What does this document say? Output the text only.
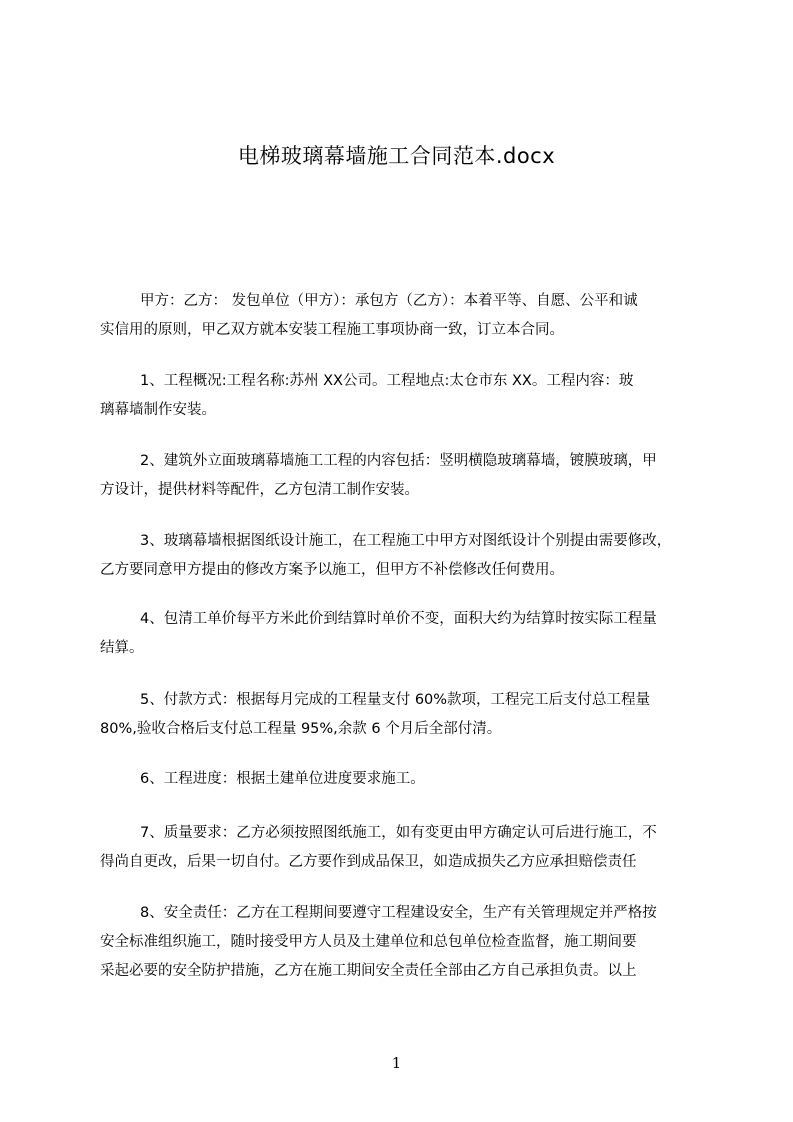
电梯玻璃幕墙施工合同范本.docx
甲方：乙方： 发包单位（甲方）：承包方（乙方）：本着平等、自愿、公平和诚
实信用的原则，甲乙双方就本安装工程施工事项协商一致，订立本合同。
1、工程概况:工程名称:苏州 XX公司。工程地点:太仓市东 XX。工程内容：玻
璃幕墙制作安装。
2、建筑外立面玻璃幕墙施工工程的内容包括：竖明横隐玻璃幕墙，镀膜玻璃，甲
方设计，提供材料等配件，乙方包清工制作安装。
3、玻璃幕墙根据图纸设计施工，在工程施工中甲方对图纸设计个别提由需要修改，
乙方要同意甲方提由的修改方案予以施工，但甲方不补偿修改任何费用。
4、包清工单价每平方米此价到结算时单价不变，面积大约为结算时按实际工程量
结算。
5、付款方式：根据每月完成的工程量支付 60%款项，工程完工后支付总工程量
80%,验收合格后支付总工程量 95%,余款 6 个月后全部付清。
6、工程进度：根据土建单位进度要求施工。
7、质量要求：乙方必须按照图纸施工，如有变更由甲方确定认可后进行施工，不
得尚自更改，后果一切自付。乙方要作到成品保卫，如造成损失乙方应承担赔偿责任
8、安全责任：乙方在工程期间要遵守工程建设安全，生产有关管理规定并严格按
安全标准组织施工，随时接受甲方人员及土建单位和总包单位检查监督，施工期间要
采起必要的安全防护措施，乙方在施工期间安全责任全部由乙方自己承担负责。以上
1
